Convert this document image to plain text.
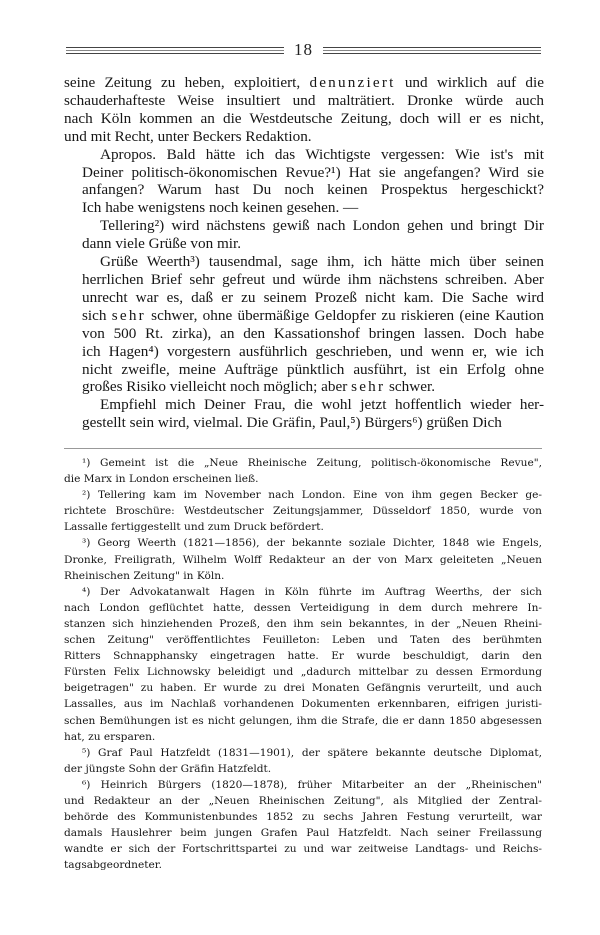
18

seine Zeitung zu heben, exploitiert, denunziert und wirklich auf die
schauderhafteste Weise insultiert und malträtiert. Dronke würde auch
nach Köln kommen an die Westdeutsche Zeitung, doch will er es nicht,
und mit Recht, unter Beckers Redaktion.

Apropos. Bald hätte ich das Wichtigste vergessen: Wie ist's mit
Deiner politisch-ökonomischen Revue?¹) Hat sie angefangen? Wird sie
anfangen? Warum hast Du noch keinen Prospektus hergeschickt?
Ich habe wenigstens noch keinen gesehen. —

Tellering²) wird nächstens gewiß nach London gehen und bringt Dir
dann viele Grüße von mir.

Grüße Weerth³) tausendmal, sage ihm, ich hätte mich über seinen
herrlichen Brief sehr gefreut und würde ihm nächstens schreiben. Aber
unrecht war es, daß er zu seinem Prozeß nicht kam. Die Sache wird
sich sehr schwer, ohne übermäßige Geldopfer zu riskieren (eine Kaution
von 500 Rt. zirka), an den Kassationshof bringen lassen. Doch habe
ich Hagen⁴) vorgestern ausführlich geschrieben, und wenn er, wie ich
nicht zweifle, meine Aufträge pünktlich ausführt, ist ein Erfolg ohne
großes Risiko vielleicht noch möglich; aber sehr schwer.

Empfiehl mich Deiner Frau, die wohl jetzt hoffentlich wieder her-
gestellt sein wird, vielmal. Die Gräfin, Paul,⁵) Bürgers⁶) grüßen Dich

¹) Gemeint ist die „Neue Rheinische Zeitung, politisch-ökonomische Revue",
die Marx in London erscheinen ließ.
²) Tellering kam im November nach London. Eine von ihm gegen Becker ge-
richtete Broschüre: Westdeutscher Zeitungsjammer, Düsseldorf 1850, wurde von
Lassalle fertiggestellt und zum Druck befördert.
³) Georg Weerth (1821—1856), der bekannte soziale Dichter, 1848 wie Engels,
Dronke, Freiligrath, Wilhelm Wolff Redakteur an der von Marx geleiteten „Neuen
Rheinischen Zeitung" in Köln.
⁴) Der Advokatanwalt Hagen in Köln führte im Auftrag Weerths, der sich
nach London geflüchtet hatte, dessen Verteidigung in dem durch mehrere In-
stanzen sich hinziehenden Prozeß, den ihm sein bekanntes, in der „Neuen Rheini-
schen Zeitung" veröffentlichtes Feuilleton: Leben und Taten des berühmten
Ritters Schnapphansky eingetragen hatte. Er wurde beschuldigt, darin den
Fürsten Felix Lichnowsky beleidigt und „dadurch mittelbar zu dessen Ermordung
beigetragen" zu haben. Er wurde zu drei Monaten Gefängnis verurteilt, und auch
Lassalles, aus im Nachlaß vorhandenen Dokumenten erkennbaren, eifrigen juristi-
schen Bemühungen ist es nicht gelungen, ihm die Strafe, die er dann 1850 abgesessen
hat, zu ersparen.
⁵) Graf Paul Hatzfeldt (1831—1901), der spätere bekannte deutsche Diplomat,
der jüngste Sohn der Gräfin Hatzfeldt.
⁶) Heinrich Bürgers (1820—1878), früher Mitarbeiter an der „Rheinischen"
und Redakteur an der „Neuen Rheinischen Zeitung", als Mitglied der Zentral-
behörde des Kommunistenbundes 1852 zu sechs Jahren Festung verurteilt, war
damals Hauslehrer beim jungen Grafen Paul Hatzfeldt. Nach seiner Freilassung
wandte er sich der Fortschrittspartei zu und war zeitweise Landtags- und Reichs-
tagsabgeordneter.
